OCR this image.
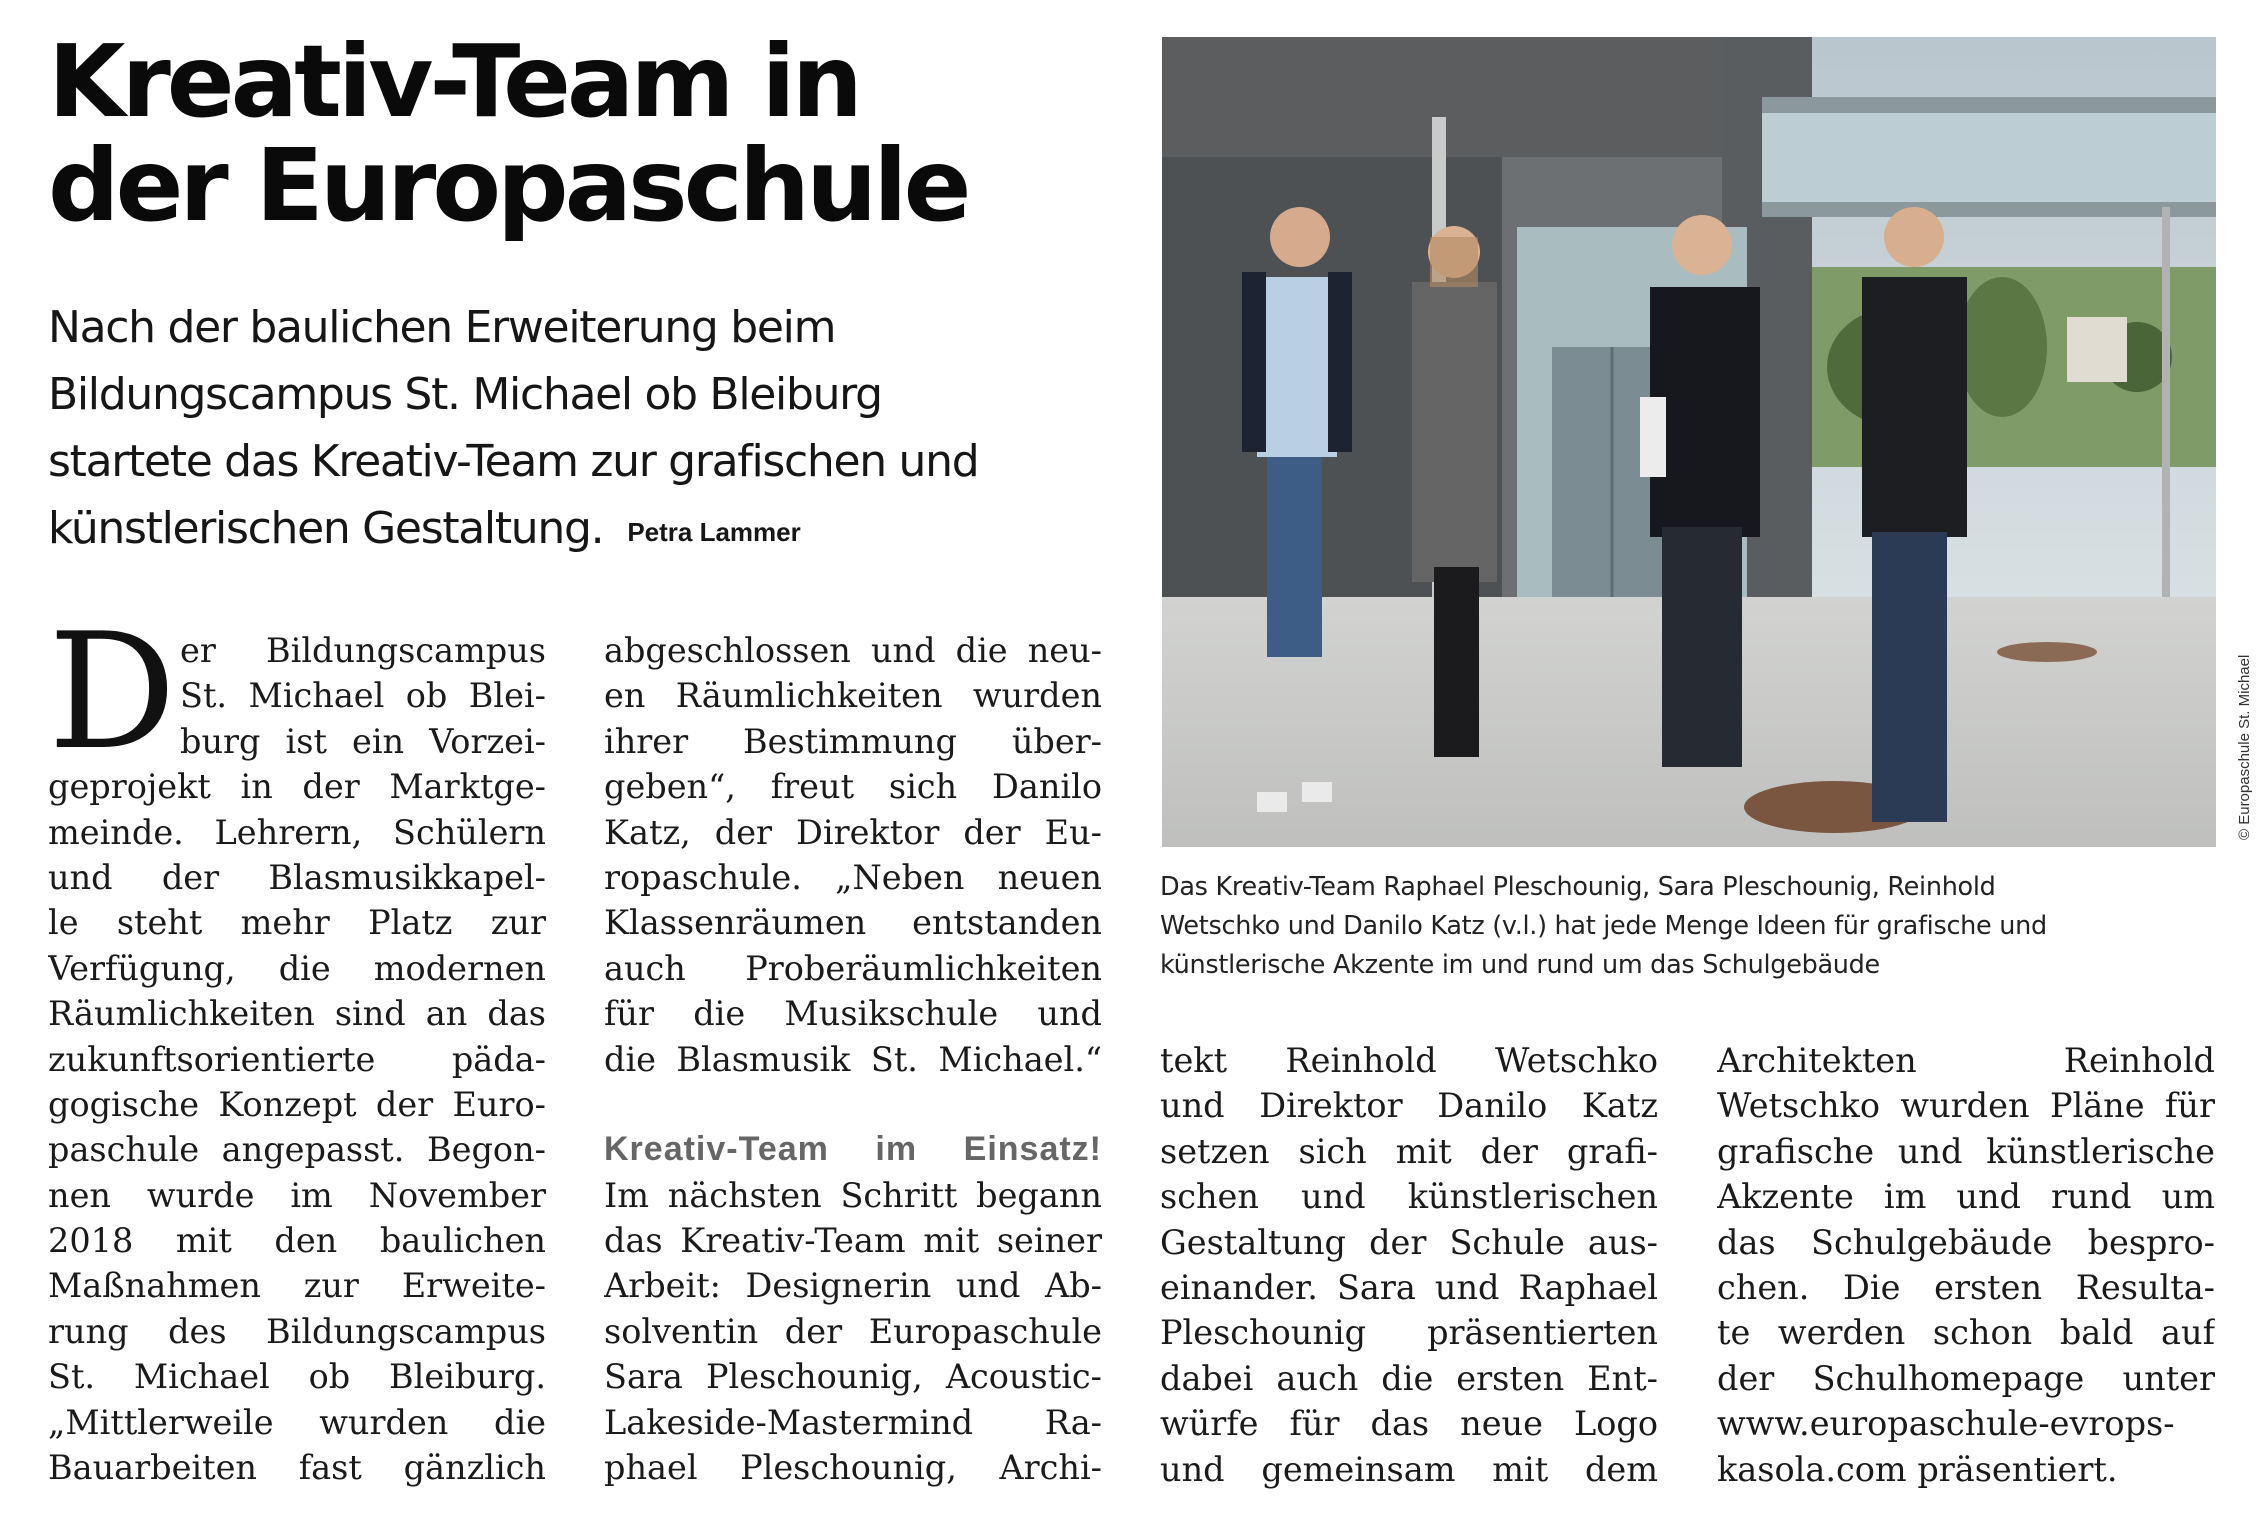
Kreativ-Team in
der Europaschule

Nach der baulichen Erweiterung beim
Bildungscampus St. Michael ob Bleiburg
startete das Kreativ-Team zur grafischen und
künstlerischen Gestaltung. Petra Lammer

© Europaschule St. Michael

Das Kreativ-Team Raphael Pleschounig, Sara Pleschounig, Reinhold
Wetschko und Danilo Katz (v.l.) hat jede Menge Ideen für grafische und
künstlerische Akzente im und rund um das Schulgebäude

D er Bildungscampus
St. Michael ob Blei-
burg ist ein Vorzei-
geprojekt in der Marktge-
meinde. Lehrern, Schülern
und der Blasmusikkapel-
le steht mehr Platz zur
Verfügung, die modernen
Räumlichkeiten sind an das
zukunftsorientierte päda-
gogische Konzept der Euro-
paschule angepasst. Begon-
nen wurde im November
2018 mit den baulichen
Maßnahmen zur Erweite-
rung des Bildungscampus
St. Michael ob Bleiburg.
„Mittlerweile wurden die
Bauarbeiten fast gänzlich
abgeschlossen und die neu-
en Räumlichkeiten wurden
ihrer Bestimmung über-
geben“, freut sich Danilo
Katz, der Direktor der Eu-
ropaschule. „Neben neuen
Klassenräumen entstanden
auch Proberäumlichkeiten
für die Musikschule und
die Blasmusik St. Michael.“
Kreativ-Team im Einsatz!
Im nächsten Schritt begann
das Kreativ-Team mit seiner
Arbeit: Designerin und Ab-
solventin der Europaschule
Sara Pleschounig, Acoustic-
Lakeside-Mastermind Ra-
phael Pleschounig, Archi-
tekt Reinhold Wetschko
und Direktor Danilo Katz
setzen sich mit der grafi-
schen und künstlerischen
Gestaltung der Schule aus-
einander. Sara und Raphael
Pleschounig präsentierten
dabei auch die ersten Ent-
würfe für das neue Logo
und gemeinsam mit dem
Architekten Reinhold
Wetschko wurden Pläne für
grafische und künstlerische
Akzente im und rund um
das Schulgebäude bespro-
chen. Die ersten Resulta-
te werden schon bald auf
der Schulhomepage unter
www.europaschule-evrops-
kasola.com präsentiert.
